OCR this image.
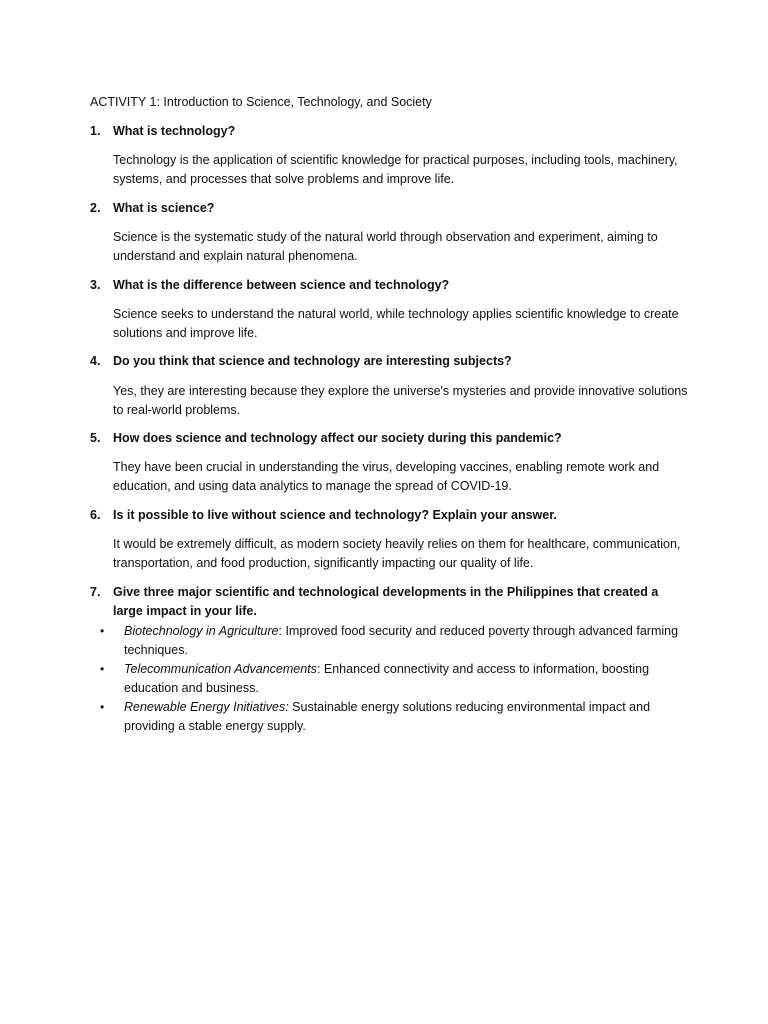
ACTIVITY 1: Introduction to Science, Technology, and Society
1.	What is technology?
Technology is the application of scientific knowledge for practical purposes, including tools, machinery, systems, and processes that solve problems and improve life.
2.	What is science?
Science is the systematic study of the natural world through observation and experiment, aiming to understand and explain natural phenomena.
3.	What is the difference between science and technology?
Science seeks to understand the natural world, while technology applies scientific knowledge to create solutions and improve life.
4.	Do you think that science and technology are interesting subjects?
Yes, they are interesting because they explore the universe's mysteries and provide innovative solutions to real-world problems.
5.	How does science and technology affect our society during this pandemic?
They have been crucial in understanding the virus, developing vaccines, enabling remote work and education, and using data analytics to manage the spread of COVID-19.
6.	Is it possible to live without science and technology? Explain your answer.
It would be extremely difficult, as modern society heavily relies on them for healthcare, communication, transportation, and food production, significantly impacting our quality of life.
7.	Give three major scientific and technological developments in the Philippines that created a large impact in your life.
•	Biotechnology in Agriculture: Improved food security and reduced poverty through advanced farming techniques.
•	Telecommunication Advancements: Enhanced connectivity and access to information, boosting education and business.
•	Renewable Energy Initiatives: Sustainable energy solutions reducing environmental impact and providing a stable energy supply.
